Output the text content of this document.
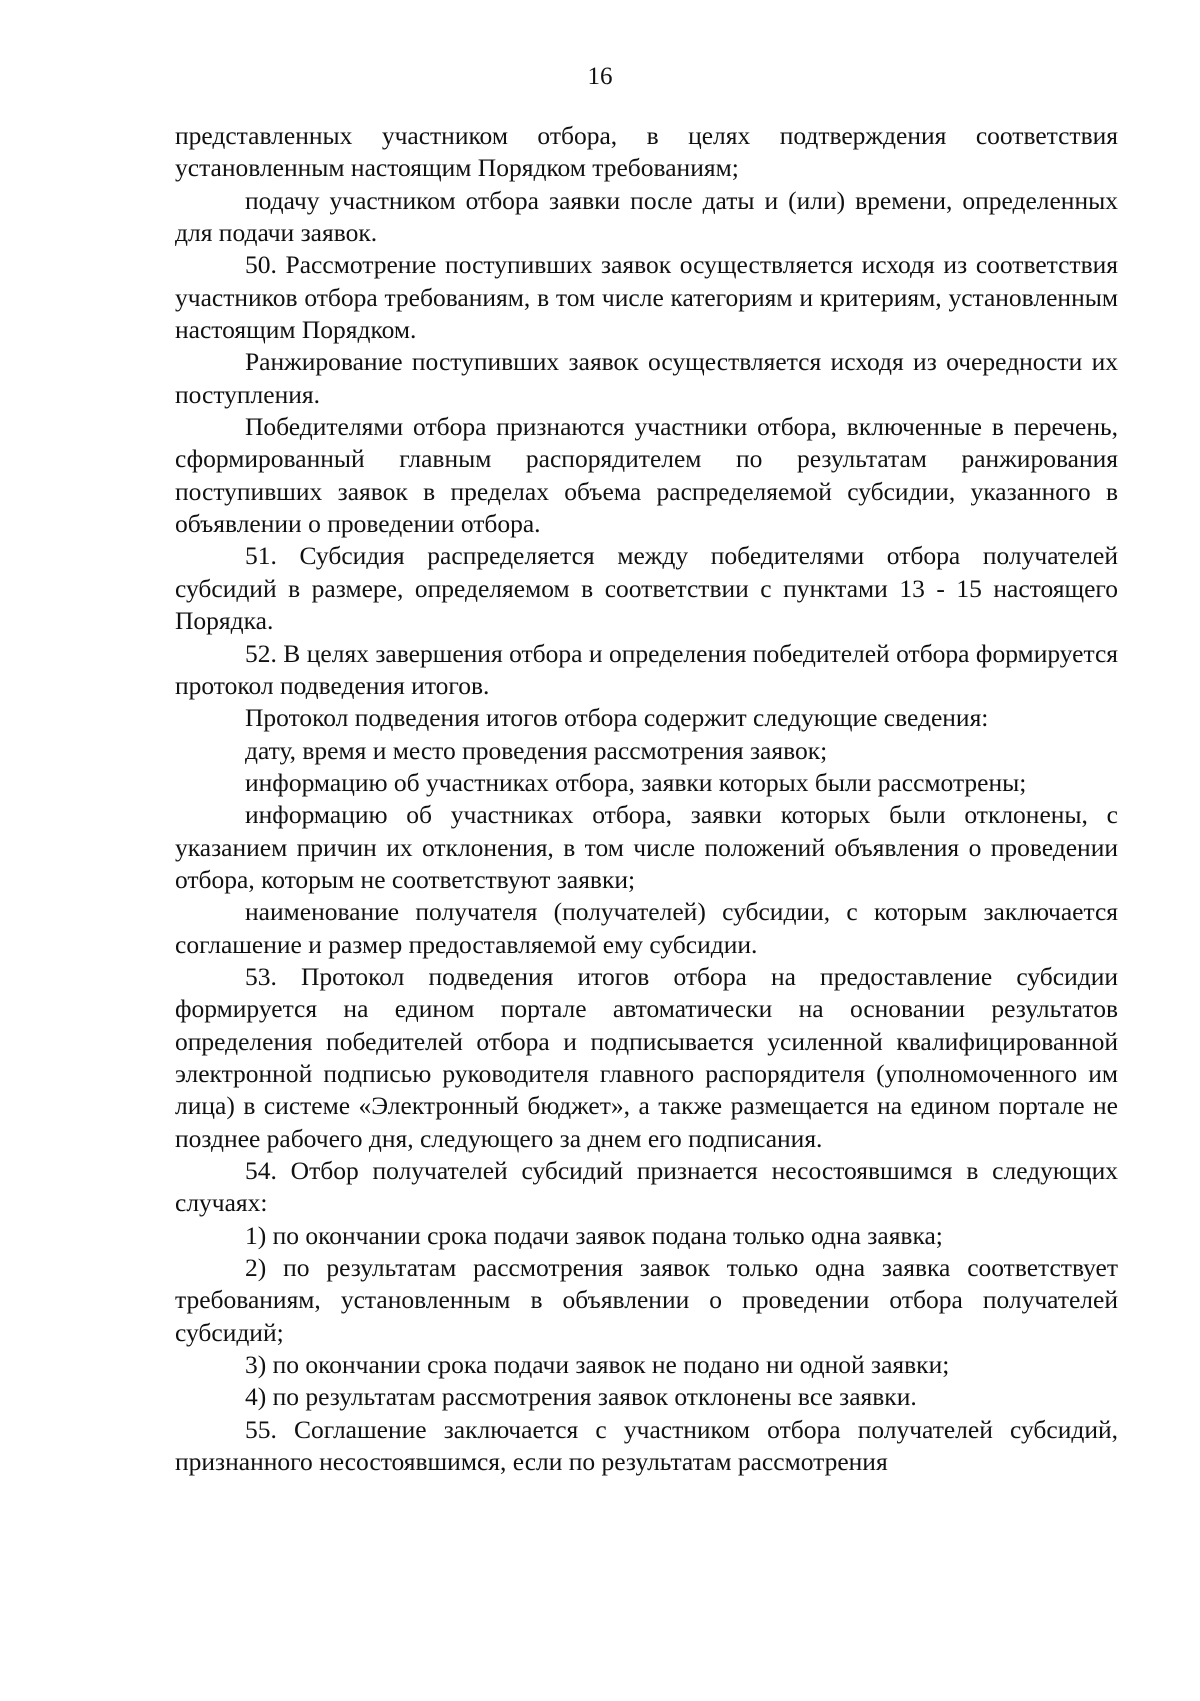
16

представленных участником отбора, в целях подтверждения соответствия установленным настоящим Порядком требованиям;

подачу участником отбора заявки после даты и (или) времени, определенных для подачи заявок.

50. Рассмотрение поступивших заявок осуществляется исходя из соответствия участников отбора требованиям, в том числе категориям и критериям, установленным настоящим Порядком.

Ранжирование поступивших заявок осуществляется исходя из очередности их поступления.

Победителями отбора признаются участники отбора, включенные в перечень, сформированный главным распорядителем по результатам ранжирования поступивших заявок в пределах объема распределяемой субсидии, указанного в объявлении о проведении отбора.

51. Субсидия распределяется между победителями отбора получателей субсидий в размере, определяемом в соответствии с пунктами 13 - 15 настоящего Порядка.

52. В целях завершения отбора и определения победителей отбора формируется протокол подведения итогов.

Протокол подведения итогов отбора содержит следующие сведения:

дату, время и место проведения рассмотрения заявок;

информацию об участниках отбора, заявки которых были рассмотрены;

информацию об участниках отбора, заявки которых были отклонены, с указанием причин их отклонения, в том числе положений объявления о проведении отбора, которым не соответствуют заявки;

наименование получателя (получателей) субсидии, с которым заключается соглашение и размер предоставляемой ему субсидии.

53. Протокол подведения итогов отбора на предоставление субсидии формируется на едином портале автоматически на основании результатов определения победителей отбора и подписывается усиленной квалифицированной электронной подписью руководителя главного распорядителя (уполномоченного им лица) в системе «Электронный бюджет», а также размещается на едином портале не позднее рабочего дня, следующего за днем его подписания.

54. Отбор получателей субсидий признается несостоявшимся в следующих случаях:

1) по окончании срока подачи заявок подана только одна заявка;

2) по результатам рассмотрения заявок только одна заявка соответствует требованиям, установленным в объявлении о проведении отбора получателей субсидий;

3) по окончании срока подачи заявок не подано ни одной заявки;

4) по результатам рассмотрения заявок отклонены все заявки.

55. Соглашение заключается с участником отбора получателей субсидий, признанного несостоявшимся, если по результатам рассмотрения
